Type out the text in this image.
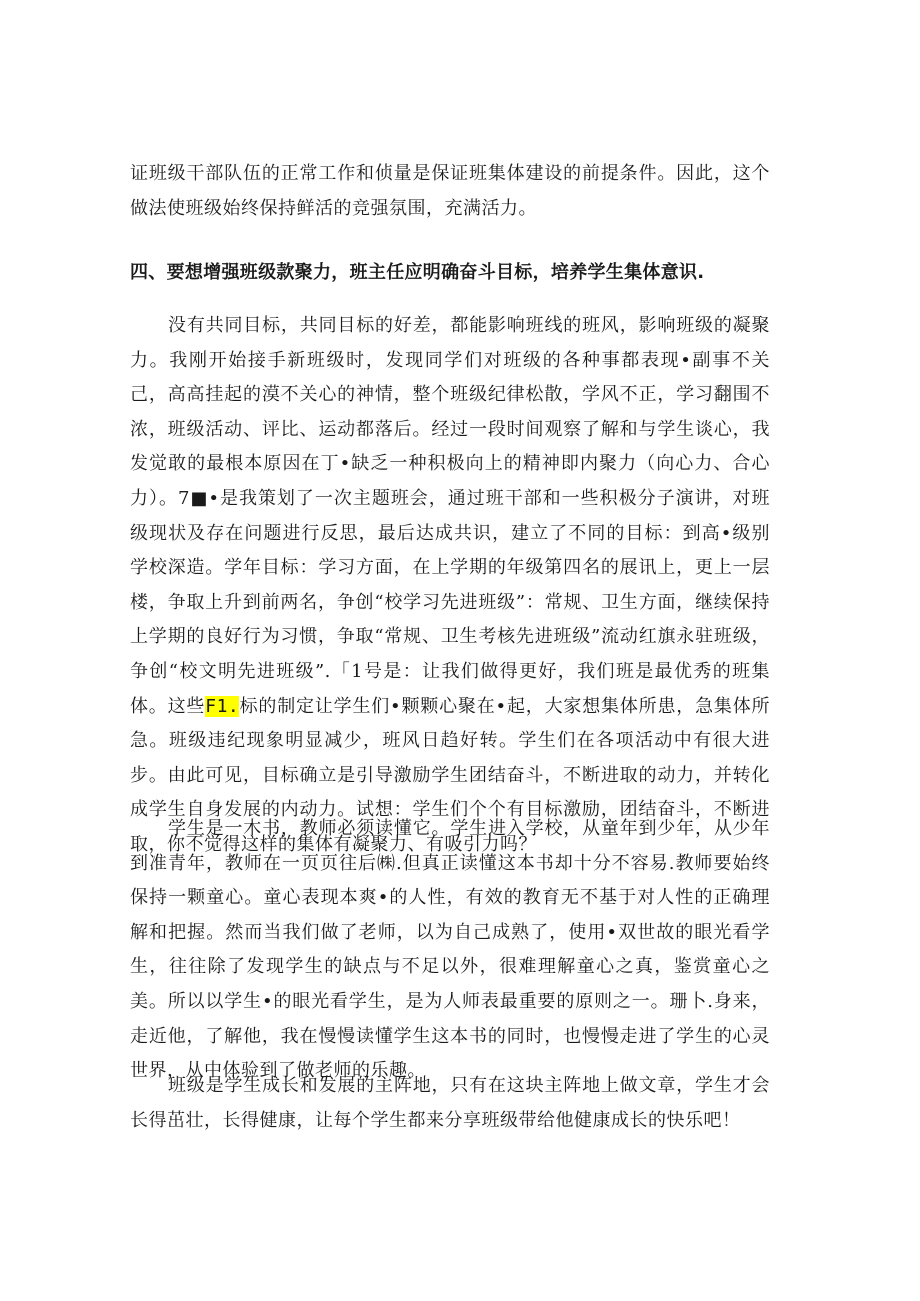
证班级干部队伍的正常工作和侦量是保证班集体建设的前提条件。因此，这个做法使班级始终保持鲜活的竞强氛围，充满活力。

四、要想增强班级款聚力，班主任应明确奋斗目标，培养学生集体意识.

没有共同目标，共同目标的好差，都能影响班线的班风，影响班级的凝聚力。我刚开始接手新班级时，发现同学们对班级的各种事都表现•副事不关己，高高挂起的漠不关心的神情，整个班级纪律松散，学风不正，学习翻围不浓，班级活动、评比、运动都落后。经过一段时间观察了解和与学生谈心，我发觉敢的最根本原因在丁•缺乏一种积极向上的精神即内聚力（向心力、合心力）。7■•是我策划了一次主题班会，通过班干部和一些积极分子演讲，对班级现状及存在问题进行反思，最后达成共识，建立了不同的目标：到高•级别学校深造。学年目标：学习方面，在上学期的年级第四名的展讯上，更上一层楼，争取上升到前两名，争创“校学习先进班级”：常规、卫生方面，继续保持上学期的良好行为习惯，争取“常规、卫生考核先进班级”流动红旗永驻班级，争创“校文明先进班级”.「1号是：让我们做得更好，我们班是最优秀的班集体。这些F1.标的制定让学生们•颗颗心聚在•起，大家想集体所患，急集体所急。班级违纪现象明显减少，班风日趋好转。学生们在各项活动中有很大进步。由此可见，目标确立是引导激励学生团结奋斗，不断进取的动力，并转化成学生自身发展的内动力。试想：学生们个个有目标激励，团结奋斗，不断进取，你不觉得这样的集体有凝聚力、有吸引力吗？

学生是一木书，教师必须读懂它。学生进入学校，从童年到少年，从少年到准青年，教师在一页页往后㈱.但真正读懂这本书却十分不容易.教师要始终保持一颗童心。童心表现本爽•的人性，有效的教育无不基于对人性的正确理解和把握。然而当我们做了老师，以为自己成熟了，使用•双世故的眼光看学生，往往除了发现学生的缺点与不足以外，很难理解童心之真，鉴赏童心之美。所以以学生•的眼光看学生，是为人师表最重要的原则之一。珊卜.身来，走近他，了解他，我在慢慢读懂学生这本书的同时，也慢慢走进了学生的心灵世界，从中体验到了做老师的乐趣。

班级是学生成长和发展的主阵地，只有在这块主阵地上做文章，学生才会长得茁壮，长得健康，让每个学生都来分享班级带给他健康成长的快乐吧！
